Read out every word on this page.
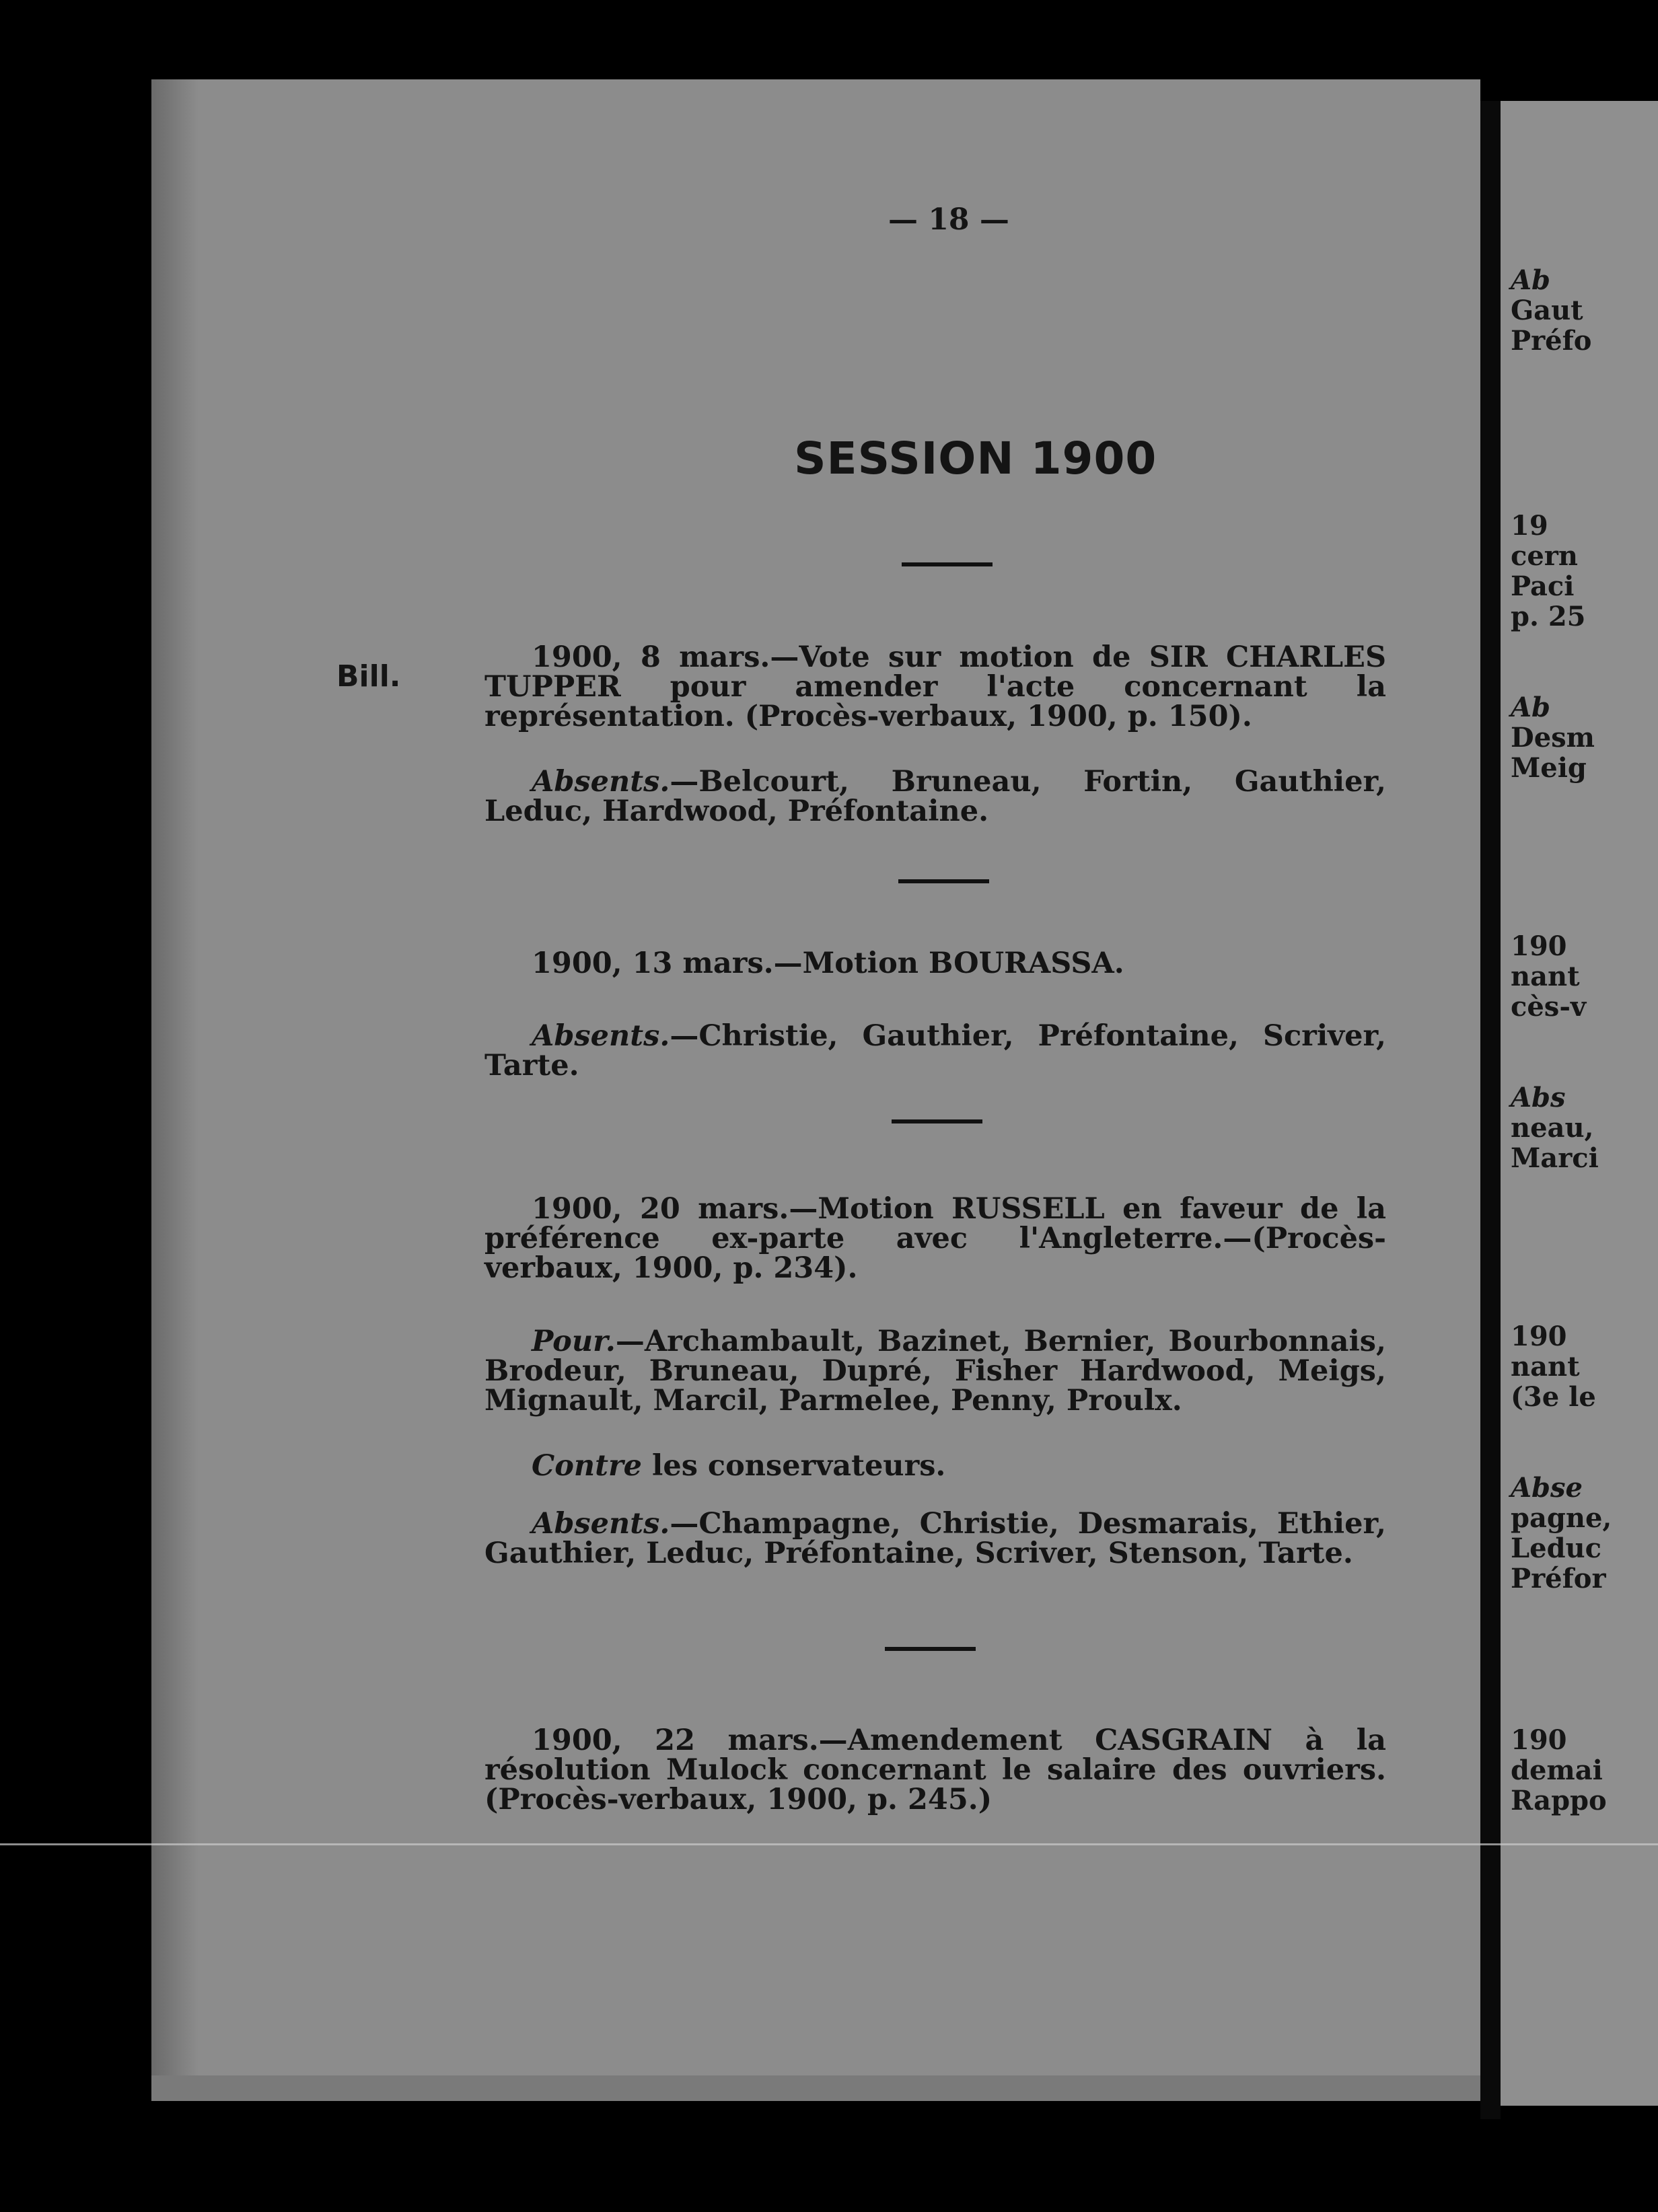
— 18 —
SESSION 1900
Bill.
1900, 8 mars.—Vote sur motion de SIR CHARLES TUPPER pour amender l'acte concernant la représentation. (Procès-verbaux, 1900, p. 150).
Absents.—Belcourt, Bruneau, Fortin, Gauthier, Leduc, Hardwood, Préfontaine.
1900, 13 mars.—Motion BOURASSA.
Absents.—Christie, Gauthier, Préfontaine, Scriver, Tarte.
1900, 20 mars.—Motion RUSSELL en faveur de la préférence ex-parte avec l'Angleterre.—(Procès-verbaux, 1900, p. 234).
Pour.—Archambault, Bazinet, Bernier, Bourbonnais, Brodeur, Bruneau, Dupré, Fisher Hardwood, Meigs, Mignault, Marcil, Parmelee, Penny, Proulx.
Contre les conservateurs.
Absents.—Champagne, Christie, Desmarais, Ethier, Gauthier, Leduc, Préfontaine, Scriver, Stenson, Tarte.
1900, 22 mars.—Amendement CASGRAIN à la résolution Mulock concernant le salaire des ouvriers. (Procès-verbaux, 1900, p. 245.)
Ab
Gaut
Préfo
19
cern
Paci
p. 25
Ab
Desm
Meig
190
nant
cès-v
Abs
neau,
Marci
190
nant
(3e le
Abse
pagne,
Leduc
Préfor
190
demai
Rappo
